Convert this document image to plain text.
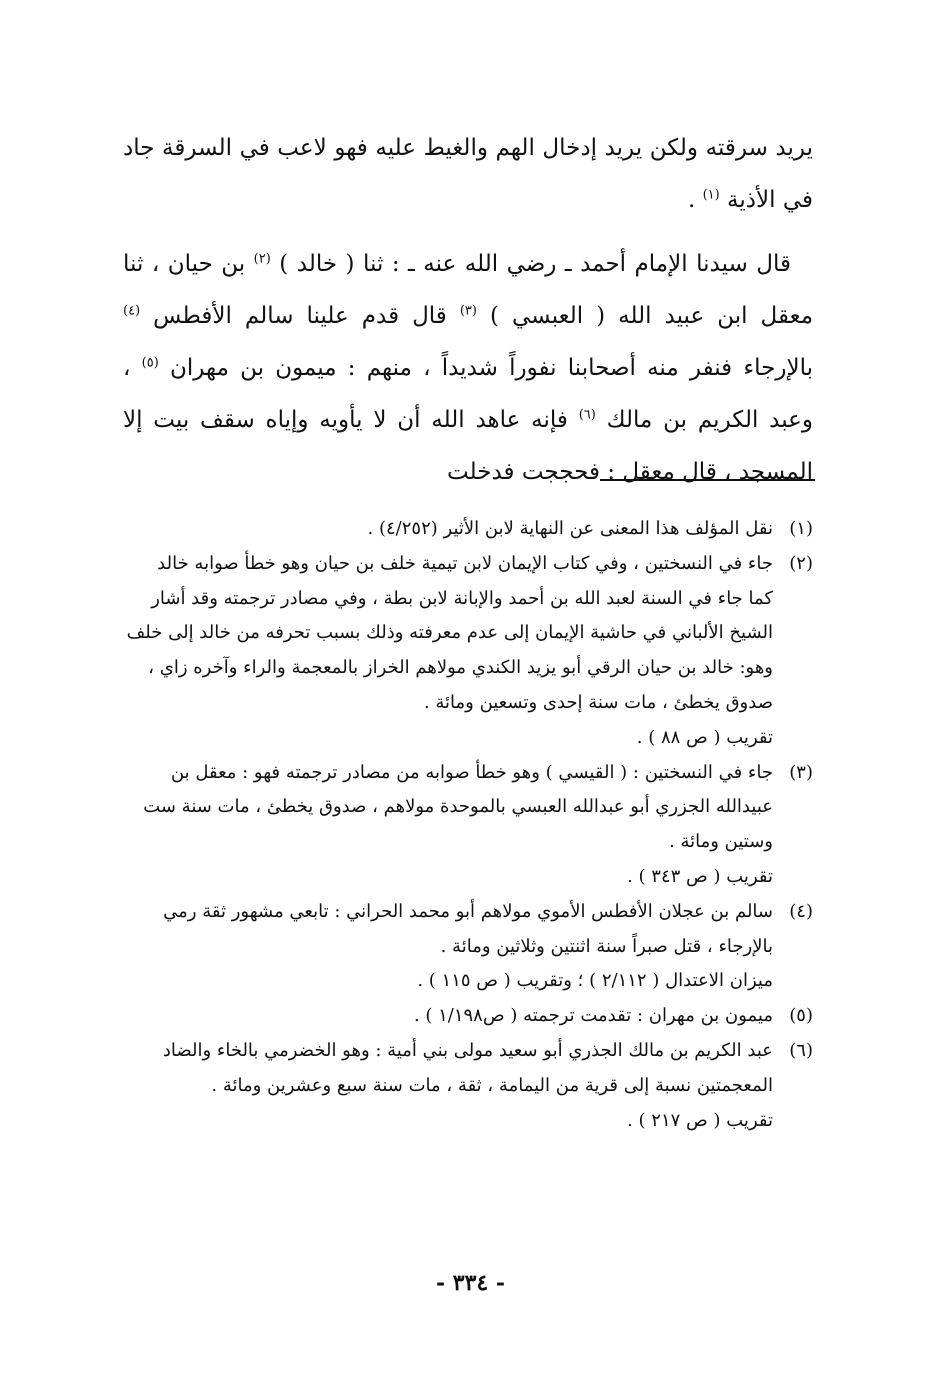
يريد سرقته ولكن يريد إدخال الهم والغيط عليه فهو لاعب في السرقة جاد في الأذية $^{(١)}$ .

قال سيدنا الإمام أحمد ـ رضي الله عنه ـ : ثنا ( خالد ) $^{(٢)}$ بن حيان ، ثنا معقل ابن عبيد الله ( العبسي ) $^{(٣)}$ قال قدم علينا سالم الأفطس $^{(٤)}$ بالإرجاء فنفر منه أصحابنا نفوراً شديداً ، منهم : ميمون بن مهران $^{(٥)}$ ، وعبد الكريم بن مالك $^{(٦)}$ فإنه عاهد الله أن لا يأويه وإياه سقف بيت إلا المسجد ، قال معقل : فحججت فدخلت

(١)
نقل المؤلف هذا المعنى عن النهاية لابن الأثير (٤/٢٥٢) .
(٢)
جاء في النسختين ، وفي كتاب الإيمان لابن تيمية خلف بن حيان وهو خطأ صوابه خالد
كما جاء في السنة لعبد الله بن أحمد والإبانة لابن بطة ، وفي مصادر ترجمته وقد أشار
الشيخ الألباني في حاشية الإيمان إلى عدم معرفته وذلك بسبب تحرفه من خالد إلى خلف
وهو: خالد بن حيان الرقي أبو يزيد الكندي مولاهم الخراز بالمعجمة والراء وآخره زاي ،
صدوق يخطئ ، مات سنة إحدى وتسعين ومائة .
تقريب ( ص ٨٨ ) .
(٣)
جاء في النسختين : ( القيسي ) وهو خطأ صوابه من مصادر ترجمته فهو : معقل بن
عبيدالله الجزري أبو عبدالله العبسي بالموحدة مولاهم ، صدوق يخطئ ، مات سنة ست
وستين ومائة .
تقريب ( ص ٣٤٣ ) .
(٤)
سالم بن عجلان الأفطس الأموي مولاهم أبو محمد الحراني : تابعي مشهور ثقة رمي
بالإرجاء ، قتل صبراً سنة اثنتين وثلاثين ومائة .
ميزان الاعتدال ( ٢/١١٢ ) ؛ وتقريب ( ص ١١٥ ) .
(٥)
ميمون بن مهران : تقدمت ترجمته ( ص١/١٩٨ ) .
(٦)
عبد الكريم بن مالك الجذري أبو سعيد مولى بني أمية : وهو الخضرمي بالخاء والضاد
المعجمتين نسبة إلى قرية من اليمامة ، ثقة ، مات سنة سبع وعشرين ومائة .
تقريب ( ص ٢١٧ ) .
- ٣٣٤ -
